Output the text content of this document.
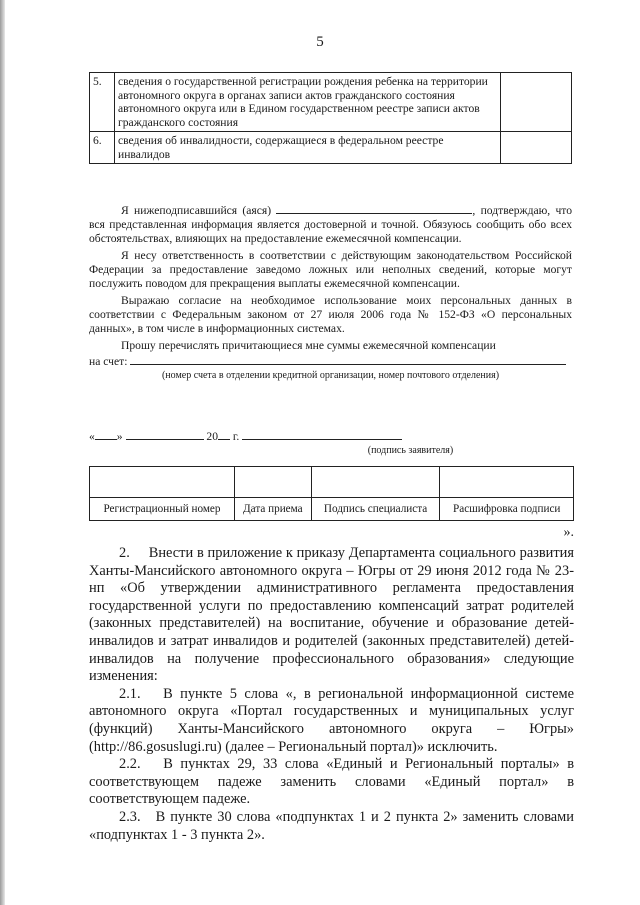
5
5.	сведения о государственной регистрации рождения ребенка на территории автономного округа в органах записи актов гражданского состояния автономного округа или в Едином государственном реестре записи актов гражданского состояния	
6.	сведения об инвалидности, содержащиеся в федеральном реестре инвалидов	

Я нижеподписавшийся (аяся)	, подтверждаю, что вся представленная информация является достоверной и точной. Обязуюсь сообщить обо всех обстоятельствах, влияющих на предоставление ежемесячной компенсации.

Я несу ответственность в соответствии с действующим законодательством Российской Федерации за предоставление заведомо ложных или неполных сведений, которые могут послужить поводом для прекращения выплаты ежемесячной компенсации.

Выражаю согласие на необходимое использование моих персональных данных в соответствии с Федеральным законом от 27 июля 2006 года № 152-ФЗ «О персональных данных», в том числе в информационных системах.

Прошу перечислять причитающиеся мне суммы ежемесячной компенсации

на счет:

(номер счета в отделении кредитной организации, номер почтового отделения)
« »	20 г.
(подпись заявителя)

Регистрационный номер	Дата приема	Подпись специалиста	Расшифровка подписи
».

2.     Внести в приложение к приказу Департамента социального развития Ханты-Мансийского автономного округа – Югры от 29 июня 2012 года № 23-нп «Об утверждении административного регламента предоставления государственной услуги по предоставлению компенсаций затрат родителей (законных представителей) на воспитание, обучение и образование детей-инвалидов и затрат инвалидов и родителей (законных представителей) детей-инвалидов на получение профессионального образования» следующие изменения:

2.1.   В пункте 5 слова «, в региональной информационной системе автономного округа «Портал государственных и муниципальных услуг (функций) Ханты-Мансийского автономного округа – Югры» (http://86.gosuslugi.ru) (далее – Региональный портал)» исключить.

2.2.   В пунктах 29, 33 слова «Единый и Региональный порталы» в соответствующем падеже заменить словами «Единый портал» в соответствующем падеже.

2.3.   В пункте 30 слова «подпунктах 1 и 2 пункта 2» заменить словами «подпунктах 1 - 3 пункта 2».
